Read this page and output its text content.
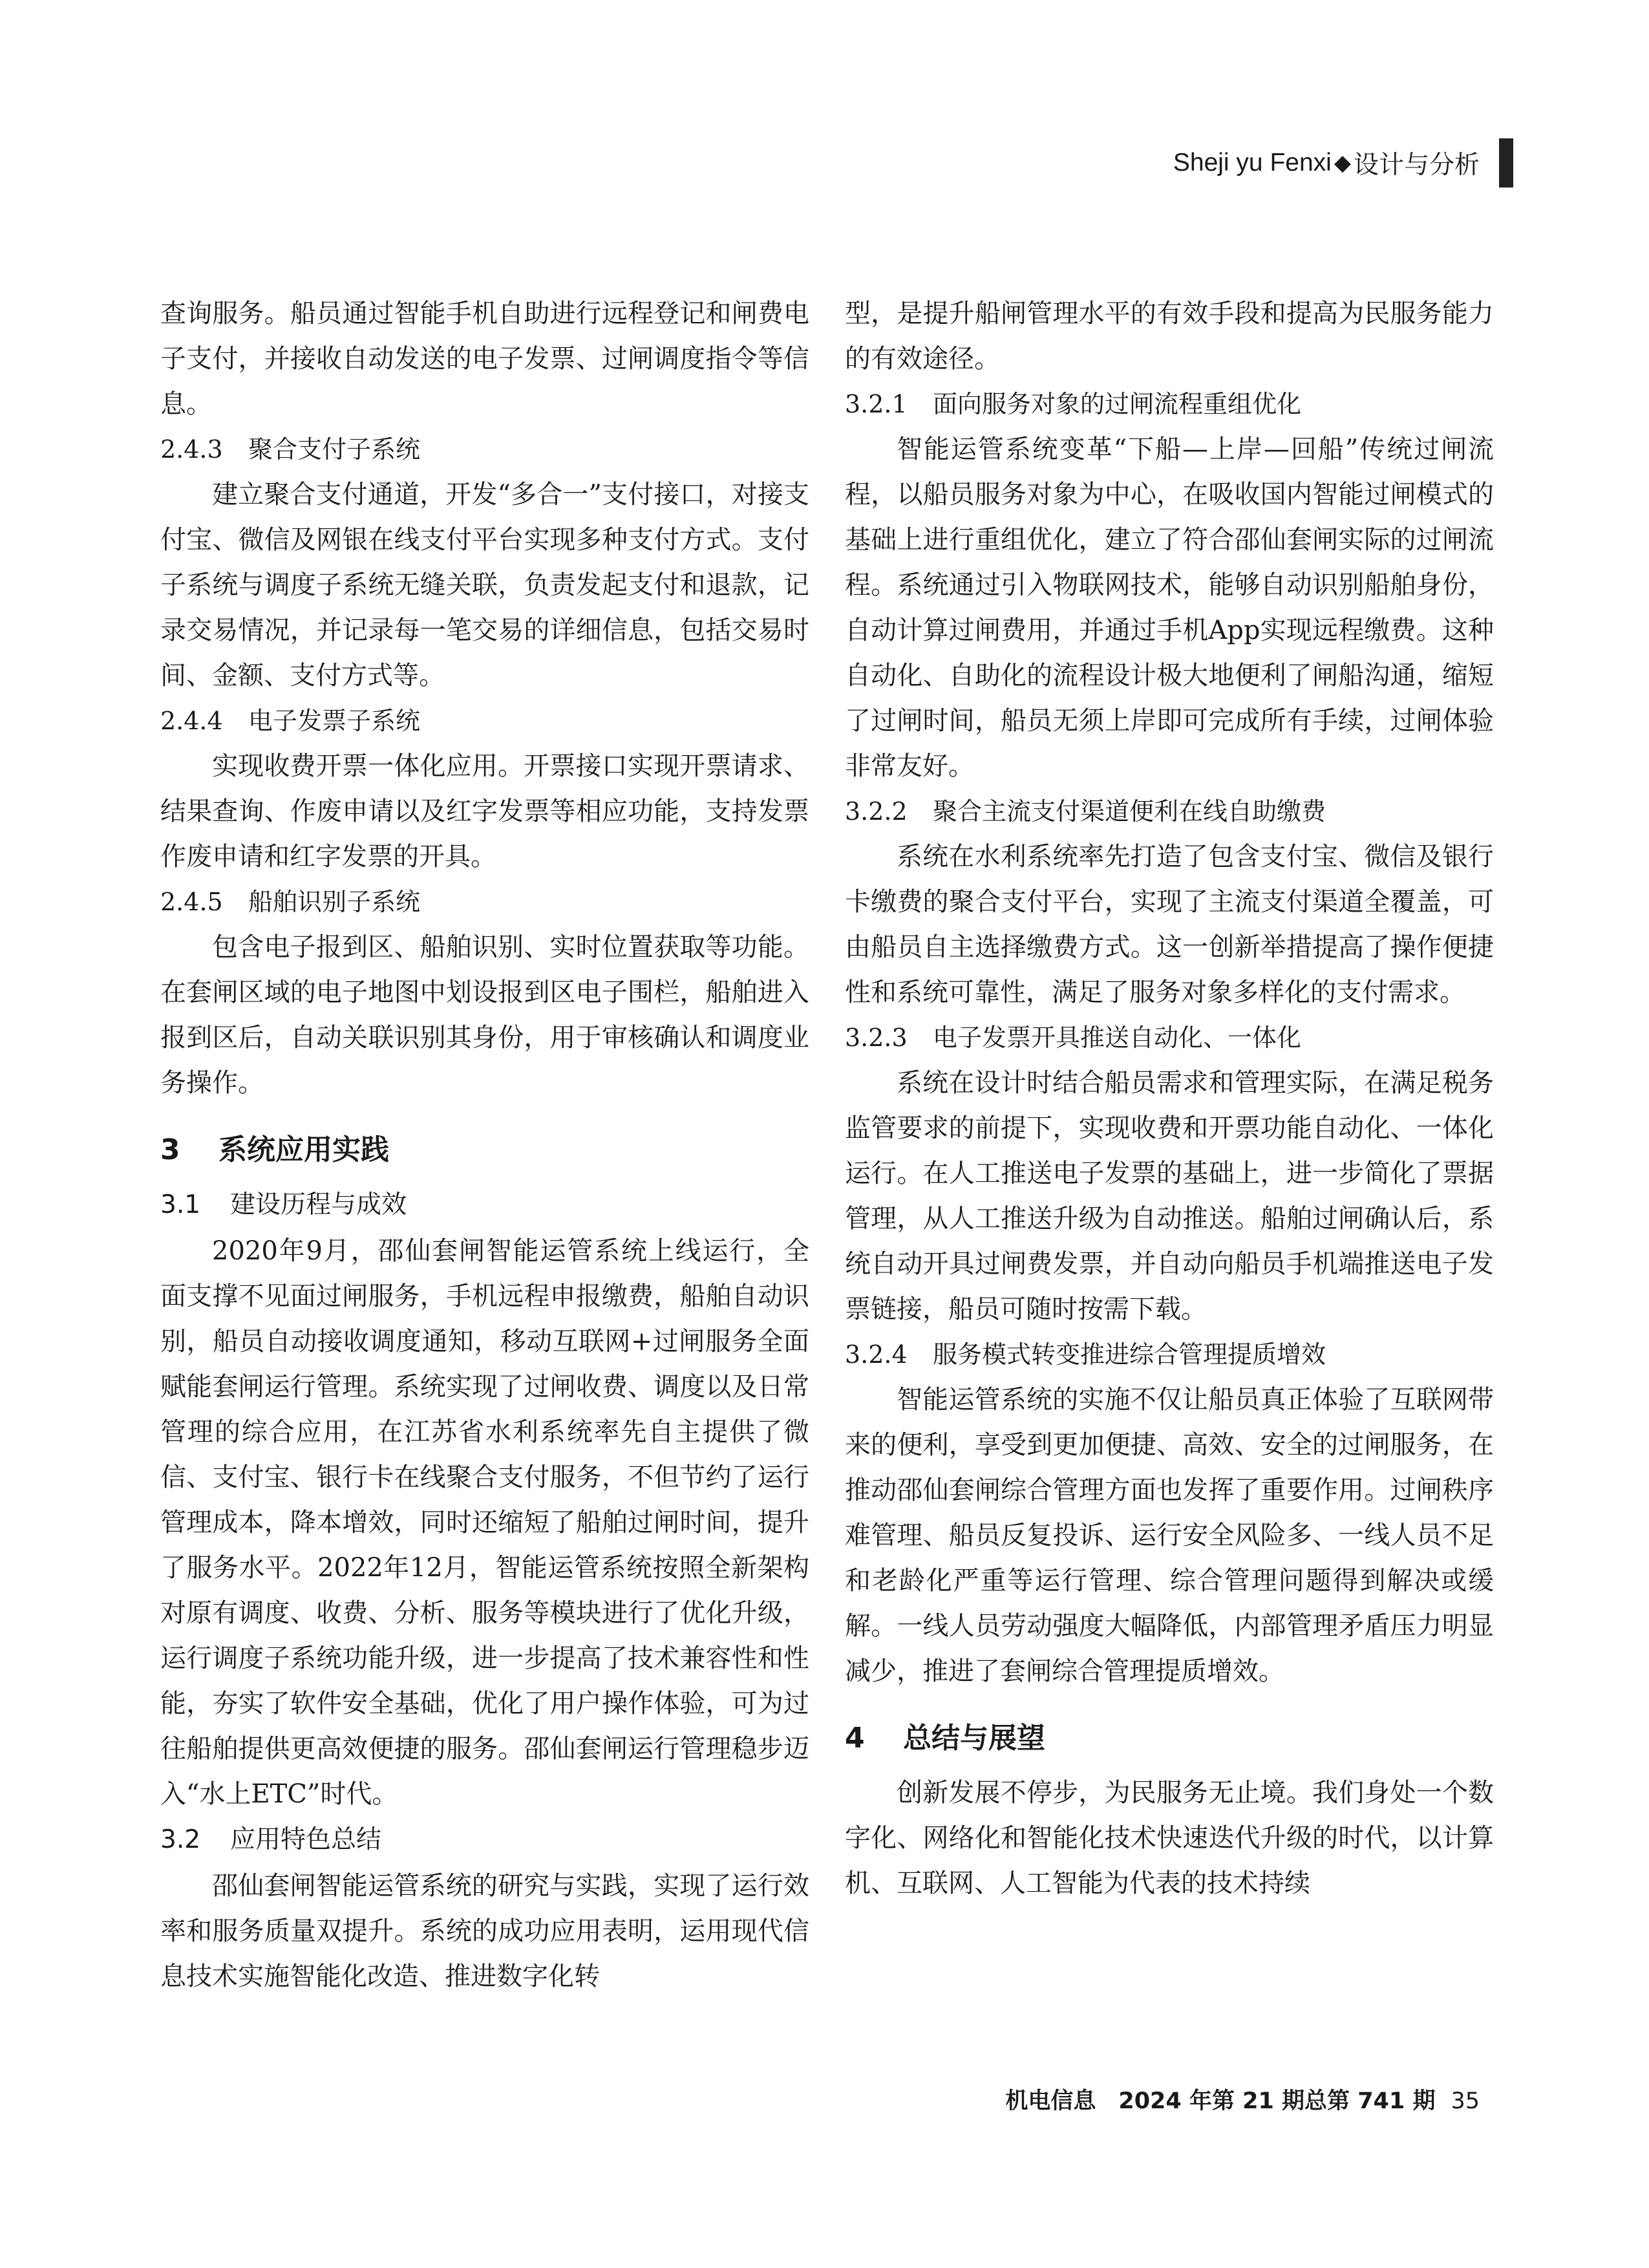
Sheji yu Fenxi ◆ 设计与分析

查询服务。船员通过智能手机自助进行远程登记和闸费电子支付，并接收自动发送的电子发票、过闸调度指令等信息。

2.4.3 聚合支付子系统

建立聚合支付通道，开发“多合一”支付接口，对接支付宝、微信及网银在线支付平台实现多种支付方式。支付子系统与调度子系统无缝关联，负责发起支付和退款，记录交易情况，并记录每一笔交易的详细信息，包括交易时间、金额、支付方式等。

2.4.4 电子发票子系统

实现收费开票一体化应用。开票接口实现开票请求、结果查询、作废申请以及红字发票等相应功能，支持发票作废申请和红字发票的开具。

2.4.5 船舶识别子系统

包含电子报到区、船舶识别、实时位置获取等功能。在套闸区域的电子地图中划设报到区电子围栏，船舶进入报到区后，自动关联识别其身份，用于审核确认和调度业务操作。

3 系统应用实践

3.1 建设历程与成效

2020年9月，邵仙套闸智能运管系统上线运行，全面支撑不见面过闸服务，手机远程申报缴费，船舶自动识别，船员自动接收调度通知，移动互联网+过闸服务全面赋能套闸运行管理。系统实现了过闸收费、调度以及日常管理的综合应用，在江苏省水利系统率先自主提供了微信、支付宝、银行卡在线聚合支付服务，不但节约了运行管理成本，降本增效，同时还缩短了船舶过闸时间，提升了服务水平。2022年12月，智能运管系统按照全新架构对原有调度、收费、分析、服务等模块进行了优化升级，运行调度子系统功能升级，进一步提高了技术兼容性和性能，夯实了软件安全基础，优化了用户操作体验，可为过往船舶提供更高效便捷的服务。邵仙套闸运行管理稳步迈入“水上ETC”时代。

3.2 应用特色总结

邵仙套闸智能运管系统的研究与实践，实现了运行效率和服务质量双提升。系统的成功应用表明，运用现代信息技术实施智能化改造、推进数字化转

型，是提升船闸管理水平的有效手段和提高为民服务能力的有效途径。

3.2.1 面向服务对象的过闸流程重组优化

智能运管系统变革“下船—上岸—回船”传统过闸流程，以船员服务对象为中心，在吸收国内智能过闸模式的基础上进行重组优化，建立了符合邵仙套闸实际的过闸流程。系统通过引入物联网技术，能够自动识别船舶身份，自动计算过闸费用，并通过手机App实现远程缴费。这种自动化、自助化的流程设计极大地便利了闸船沟通，缩短了过闸时间，船员无须上岸即可完成所有手续，过闸体验非常友好。

3.2.2 聚合主流支付渠道便利在线自助缴费

系统在水利系统率先打造了包含支付宝、微信及银行卡缴费的聚合支付平台，实现了主流支付渠道全覆盖，可由船员自主选择缴费方式。这一创新举措提高了操作便捷性和系统可靠性，满足了服务对象多样化的支付需求。

3.2.3 电子发票开具推送自动化、一体化

系统在设计时结合船员需求和管理实际，在满足税务监管要求的前提下，实现收费和开票功能自动化、一体化运行。在人工推送电子发票的基础上，进一步简化了票据管理，从人工推送升级为自动推送。船舶过闸确认后，系统自动开具过闸费发票，并自动向船员手机端推送电子发票链接，船员可随时按需下载。

3.2.4 服务模式转变推进综合管理提质增效

智能运管系统的实施不仅让船员真正体验了互联网带来的便利，享受到更加便捷、高效、安全的过闸服务，在推动邵仙套闸综合管理方面也发挥了重要作用。过闸秩序难管理、船员反复投诉、运行安全风险多、一线人员不足和老龄化严重等运行管理、综合管理问题得到解决或缓解。一线人员劳动强度大幅降低，内部管理矛盾压力明显减少，推进了套闸综合管理提质增效。

4 总结与展望

创新发展不停步，为民服务无止境。我们身处一个数字化、网络化和智能化技术快速迭代升级的时代，以计算机、互联网、人工智能为代表的技术持续

机电信息　2024 年第 21 期总第 741 期 35
